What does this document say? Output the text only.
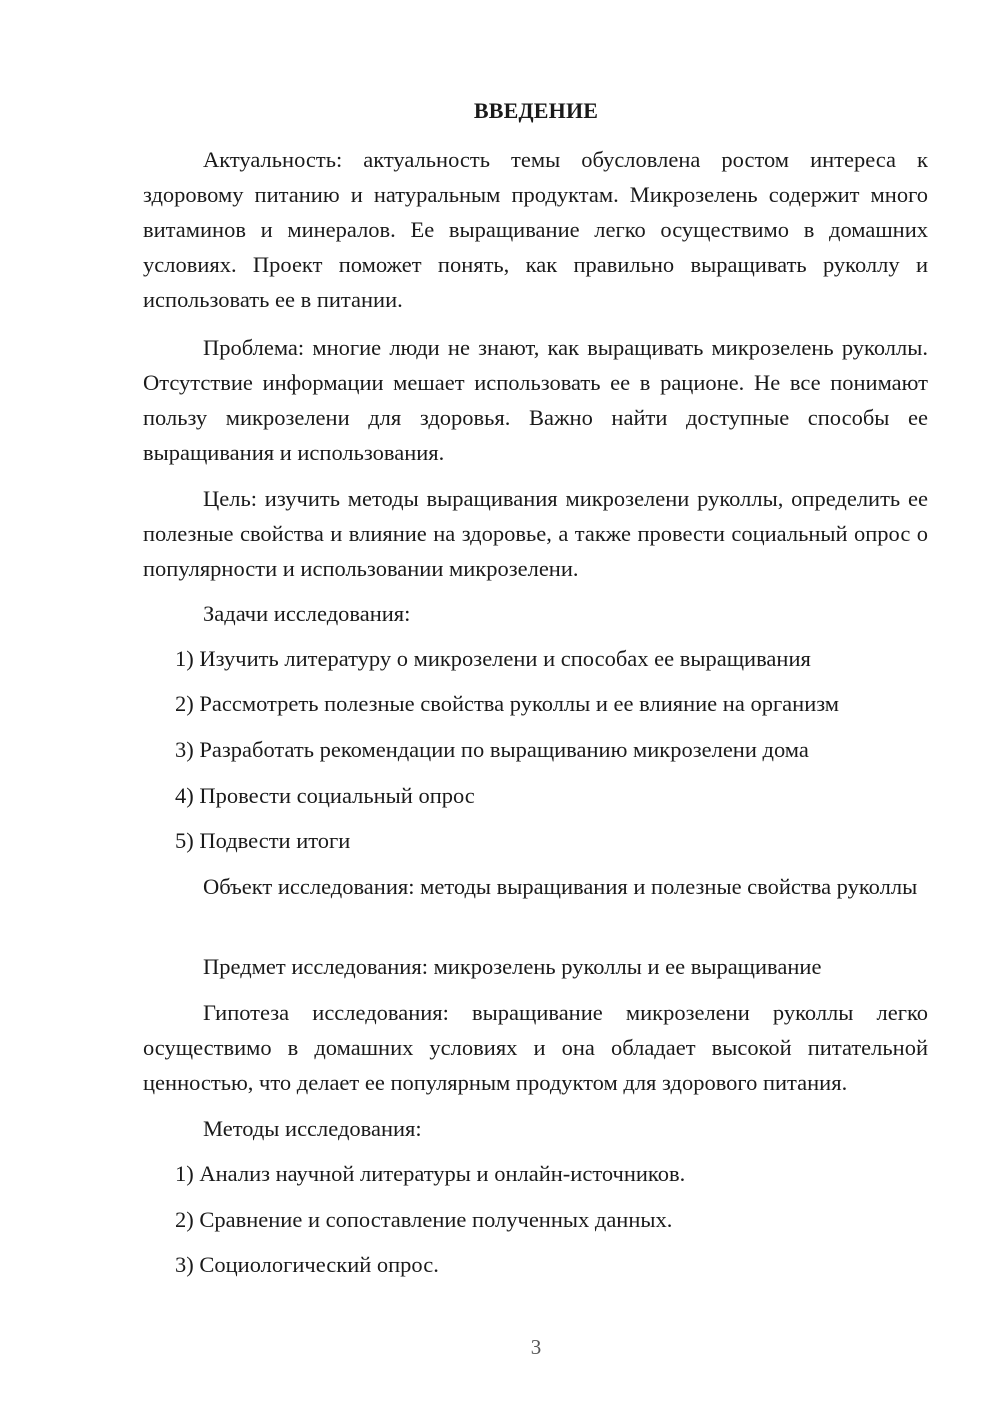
ВВЕДЕНИЕ

Актуальность: актуальность темы обусловлена ростом интереса к здоровому питанию и натуральным продуктам. Микрозелень содержит много витаминов и минералов. Ее выращивание легко осуществимо в домашних условиях. Проект поможет понять, как правильно выращивать руколлу и использовать ее в питании.

Проблема: многие люди не знают, как выращивать микрозелень руколлы. Отсутствие информации мешает использовать ее в рационе. Не все понимают пользу микрозелени для здоровья. Важно найти доступные способы ее выращивания и использования.

Цель: изучить методы выращивания микрозелени руколлы, определить ее полезные свойства и влияние на здоровье, а также провести социальный опрос о популярности и использовании микрозелени.

Задачи исследования:

1) Изучить литературу о микрозелени и способах ее выращивания

2) Рассмотреть полезные свойства руколлы и ее влияние на организм

3) Разработать рекомендации по выращиванию микрозелени дома

4) Провести социальный опрос

5) Подвести итоги

Объект исследования: методы выращивания и полезные свойства руколлы

Предмет исследования: микрозелень руколлы и ее выращивание

Гипотеза исследования: выращивание микрозелени руколлы легко осуществимо в домашних условиях и она обладает высокой питательной ценностью, что делает ее популярным продуктом для здорового питания.

Методы исследования:

1) Анализ научной литературы и онлайн-источников.

2) Сравнение и сопоставление полученных данных.

3) Социологический опрос.

3
